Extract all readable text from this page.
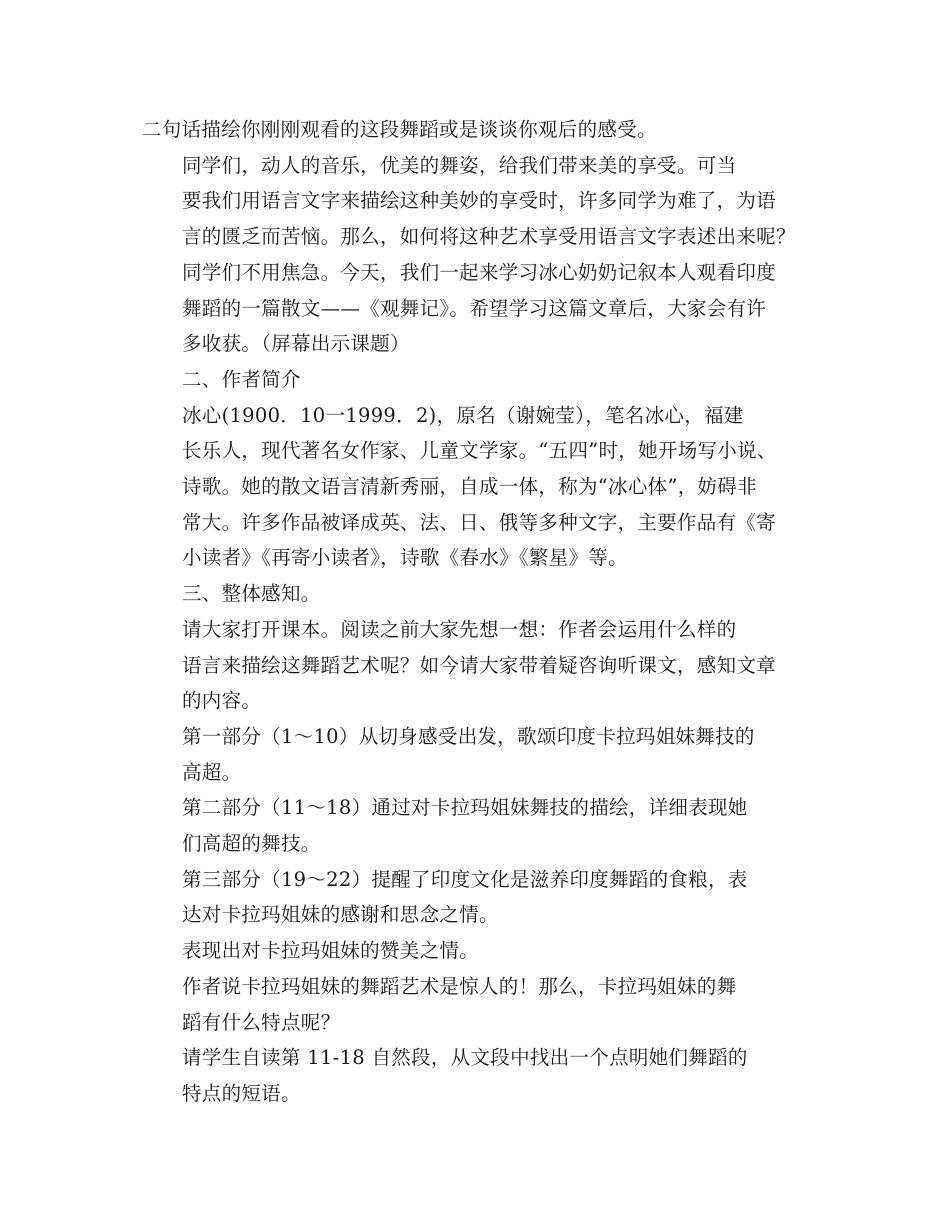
二句话描绘你刚刚观看的这段舞蹈或是谈谈你观后的感受。

同学们，动人的音乐，优美的舞姿，给我们带来美的享受。可当
要我们用语言文字来描绘这种美妙的享受时，许多同学为难了，为语
言的匮乏而苦恼。那么，如何将这种艺术享受用语言文字表述出来呢？
同学们不用焦急。今天，我们一起来学习冰心奶奶记叙本人观看印度
舞蹈的一篇散文——《观舞记》。希望学习这篇文章后，大家会有许
多收获。（屏幕出示课题）

二、作者简介

冰心(1900．10一1999．2)，原名（谢婉莹），笔名冰心，福建
长乐人，现代著名女作家、儿童文学家。“五四”时，她开场写小说、
诗歌。她的散文语言清新秀丽，自成一体，称为“冰心体”，妨碍非
常大。许多作品被译成英、法、日、俄等多种文字，主要作品有《寄
小读者》《再寄小读者》，诗歌《春水》《繁星》等。

三、整体感知。

请大家打开课本。阅读之前大家先想一想：作者会运用什么样的
语言来描绘这舞蹈艺术呢？如今请大家带着疑咨询听课文，感知文章
的内容。

第一部分（1～10）从切身感受出发，歌颂印度卡拉玛姐妹舞技的
高超。

第二部分（11～18）通过对卡拉玛姐妹舞技的描绘，详细表现她
们高超的舞技。

第三部分（19～22）提醒了印度文化是滋养印度舞蹈的食粮，表
达对卡拉玛姐妹的感谢和思念之情。

表现出对卡拉玛姐妹的赞美之情。

作者说卡拉玛姐妹的舞蹈艺术是惊人的！那么，卡拉玛姐妹的舞
蹈有什么特点呢？

请学生自读第 11-18 自然段，从文段中找出一个点明她们舞蹈的
特点的短语。
